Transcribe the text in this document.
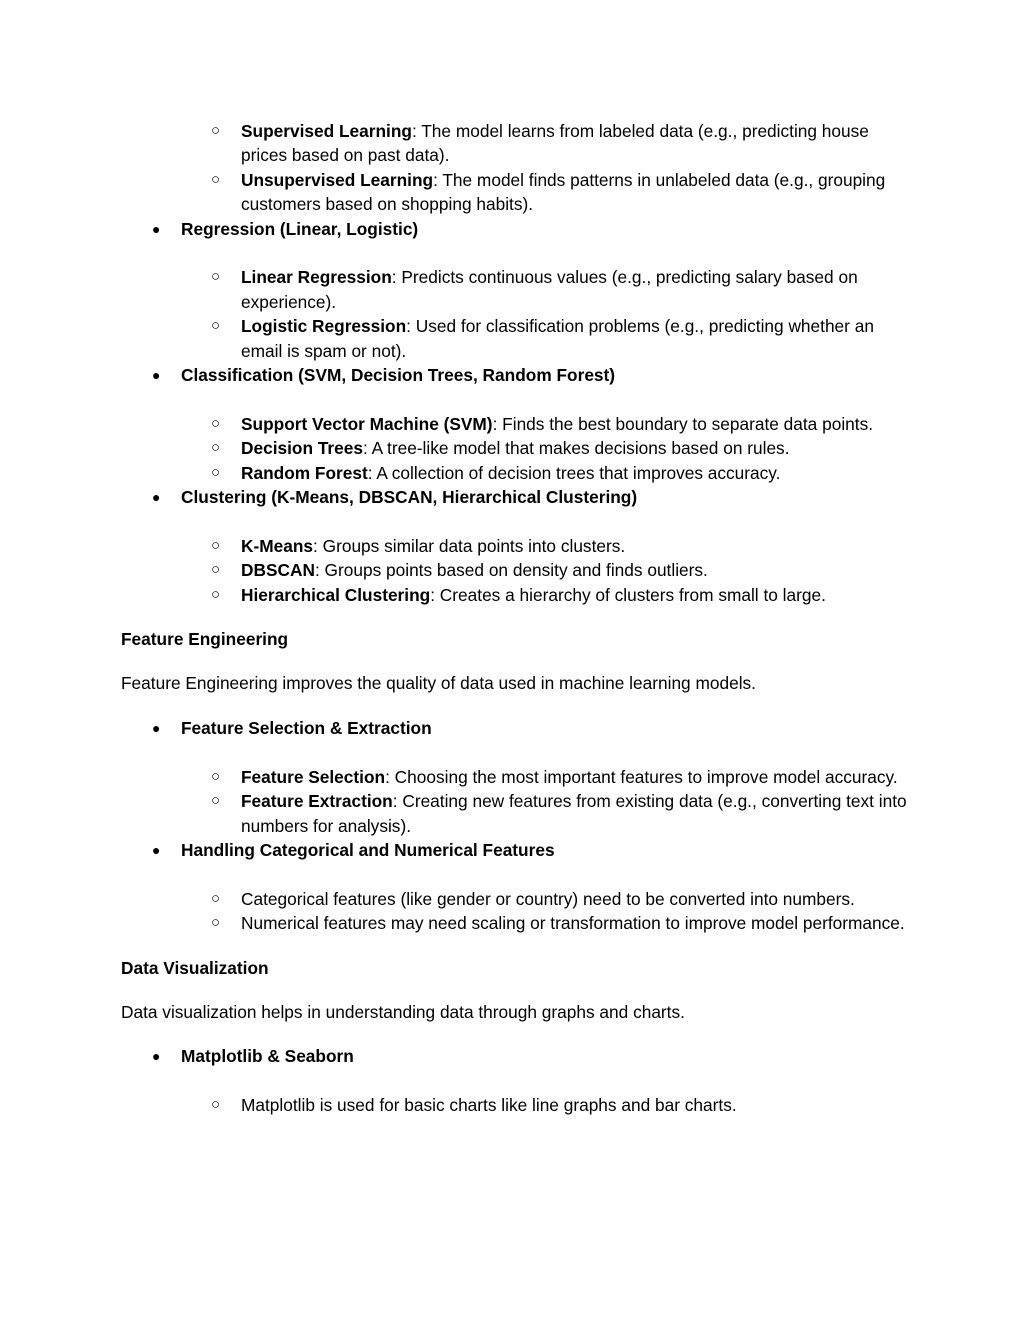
○ Supervised Learning: The model learns from labeled data (e.g., predicting house prices based on past data).
○ Unsupervised Learning: The model finds patterns in unlabeled data (e.g., grouping customers based on shopping habits).
● Regression (Linear, Logistic)
○ Linear Regression: Predicts continuous values (e.g., predicting salary based on experience).
○ Logistic Regression: Used for classification problems (e.g., predicting whether an email is spam or not).
● Classification (SVM, Decision Trees, Random Forest)
○ Support Vector Machine (SVM): Finds the best boundary to separate data points.
○ Decision Trees: A tree-like model that makes decisions based on rules.
○ Random Forest: A collection of decision trees that improves accuracy.
● Clustering (K-Means, DBSCAN, Hierarchical Clustering)
○ K-Means: Groups similar data points into clusters.
○ DBSCAN: Groups points based on density and finds outliers.
○ Hierarchical Clustering: Creates a hierarchy of clusters from small to large.
Feature Engineering
Feature Engineering improves the quality of data used in machine learning models.
● Feature Selection & Extraction
○ Feature Selection: Choosing the most important features to improve model accuracy.
○ Feature Extraction: Creating new features from existing data (e.g., converting text into numbers for analysis).
● Handling Categorical and Numerical Features
○ Categorical features (like gender or country) need to be converted into numbers.
○ Numerical features may need scaling or transformation to improve model performance.
Data Visualization
Data visualization helps in understanding data through graphs and charts.
● Matplotlib & Seaborn
○ Matplotlib is used for basic charts like line graphs and bar charts.
